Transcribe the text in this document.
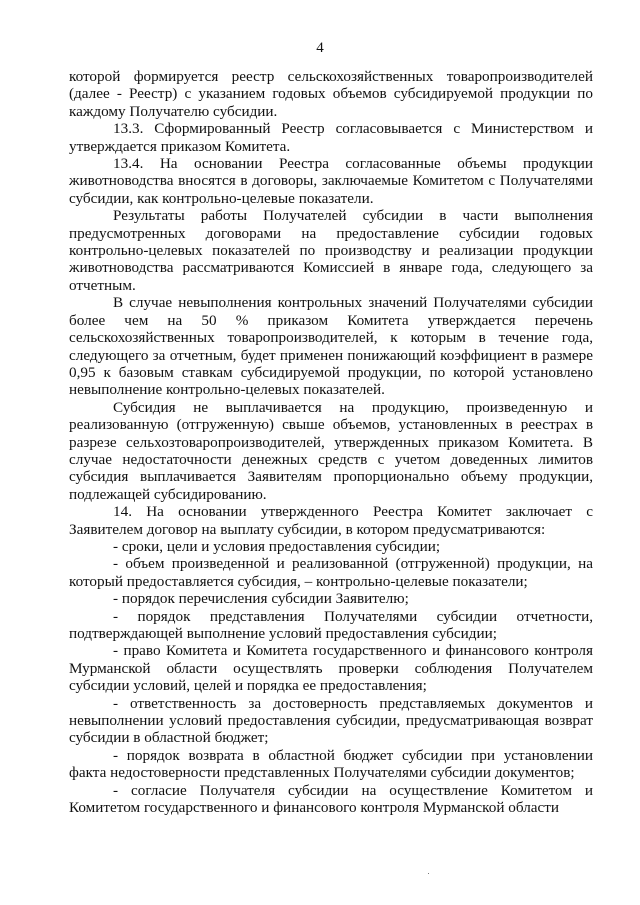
4

которой формируется реестр сельскохозяйственных товаропроизводителей (далее - Реестр) с указанием годовых объемов субсидируемой продукции по каждому Получателю субсидии.

13.3. Сформированный Реестр согласовывается с Министерством и утверждается приказом Комитета.

13.4. На основании Реестра согласованные объемы продукции животноводства вносятся в договоры, заключаемые Комитетом с Получателями субсидии, как контрольно-целевые показатели.

Результаты работы Получателей субсидии в части выполнения предусмотренных договорами на предоставление субсидии годовых контрольно-целевых показателей по производству и реализации продукции животноводства рассматриваются Комиссией в январе года, следующего за отчетным.

В случае невыполнения контрольных значений Получателями субсидии более чем на 50 % приказом Комитета утверждается перечень сельскохозяйственных товаропроизводителей, к которым в течение года, следующего за отчетным, будет применен понижающий коэффициент в размере 0,95 к базовым ставкам субсидируемой продукции, по которой установлено невыполнение контрольно-целевых показателей.

Субсидия не выплачивается на продукцию, произведенную и реализованную (отгруженную) свыше объемов, установленных в реестрах в разрезе сельхозтоваропроизводителей, утвержденных приказом Комитета. В случае недостаточности денежных средств с учетом доведенных лимитов субсидия выплачивается Заявителям пропорционально объему продукции, подлежащей субсидированию.

14. На основании утвержденного Реестра Комитет заключает с Заявителем договор на выплату субсидии, в котором предусматриваются:

- сроки, цели и условия предоставления субсидии;

- объем произведенной и реализованной (отгруженной) продукции, на который предоставляется субсидия, – контрольно-целевые показатели;

- порядок перечисления субсидии Заявителю;

- порядок представления Получателями субсидии отчетности, подтверждающей выполнение условий предоставления субсидии;

- право Комитета и Комитета государственного и финансового контроля Мурманской области осуществлять проверки соблюдения Получателем субсидии условий, целей и порядка ее предоставления;

- ответственность за достоверность представляемых документов и невыполнении условий предоставления субсидии, предусматривающая возврат субсидии в областной бюджет;

- порядок возврата в областной бюджет субсидии при установлении факта недостоверности представленных Получателями субсидии документов;

- согласие Получателя субсидии на осуществление Комитетом и Комитетом государственного и финансового контроля Мурманской области
